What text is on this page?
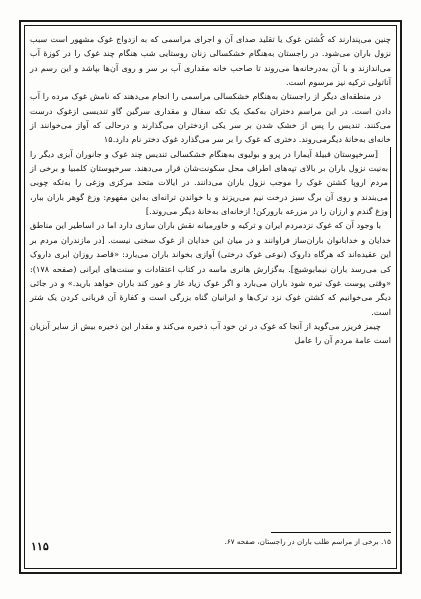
چنین می‌پندارند که کُشتن غوک یا تقلید صدای آن و اجرای مراسمی که به ‌ازدواج غوک مشهور است سبب نزول باران می‌شود. در راجستان به‌هنگام خشکسالی زنان روستایی شب هنگام چند غوک را در کوزهٔ آب می‌اندازند و با آن به‌درخانه‌ها می‌روند تا صاحب خانه مقداری آب بر سر و روی آن‌ها بپاشد و این رسم در آناتولی ترکیه نیز مرسوم است.

در منطقه‌ای دیگر از راجستان به‌هنگام خشکسالی مراسمی را انجام می‌دهند که نامش غوک مرده را آب دادن است. در این مراسم دختران به‌کمک یک تکه سفال و مقداری سرگین گاو تندیسی ازغوک درست می‌کنند. تندیس را پس از خشک شدن بر سر یکی ازدختران می‌گذارند و درحالی که آواز می‌خوانند از خانه‌ای به‌خانهٔ دیگرمی‌روند. دختری که غوک را بر سر می‌گذارد غوک دختر نام دارد.۱۵

[سرخپوستان قبیلهٔ آیمارا در پرو و بولیوی به‌هنگام خشکسالی تندیس چند غوک و جانوران آبزی دیگر را به‌نیت نزول باران بر بالای تپه‌های اطراف محل سکونت‌شان قرار می‌دهند. سرخپوستان کلمبیا و برخی از مردم اروپا کشتن غوک را موجب نزول باران می‌دانند. در ایالات متحد مرکزی وزغی را به‌تکه چوبی می‌بندند و روی آن برگ سبز درخت نیم می‌ریزند و با خواندن ترانه‌ای به‌این مفهوم: وزغ گوهر باران ببار، وزغ گندم و ارزان را در مزرعه بارورکن! ازخانه‌ای به‌خانهٔ دیگر می‌روند.]

با وجود آن که غوک نزدمردم ایران و ترکیه و خاورمیانه نقش باران سازی دارد اما در اساطیر این مناطق خدایان و خدابانوان باران‌ساز فراوانند و در میان این خدایان از غوک سخنی نیست. [در مازندران مردم بر این عقیده‌اند که هرگاه داروک (نوعی غوک درختی) آوازی بخواند باران می‌بارد: «قاصد روزان ابری داروک کی می‌رسد باران نیمابوشیچ]. به‌گزارش هانری ماسه در کتاب اعتقادات و سنت‌های ایرانی (صفحه ۱۷۸): «وقتی پوست غوک تیره شود باران می‌بارد و اگر غوک زیاد غار و غور کند باران خواهد بارید.» و در جائی دیگر می‌خوانیم که کشتن غوک نزد ترک‌ها و ایرانیان گناه بزرگی است و کفارهٔ آن قربانی کردن یک شتر است.

چیمز فریزر می‌گوید از آنجا که غوک در تن خود آب ذخیره می‌کند و مقدار این ذخیره بیش از سایر آبزیان است عامهٔ مردم آن را عامل

۱۵. برخی از مراسم طلب باران در راجستان، صفحه ۶۷.
۱۱۵
